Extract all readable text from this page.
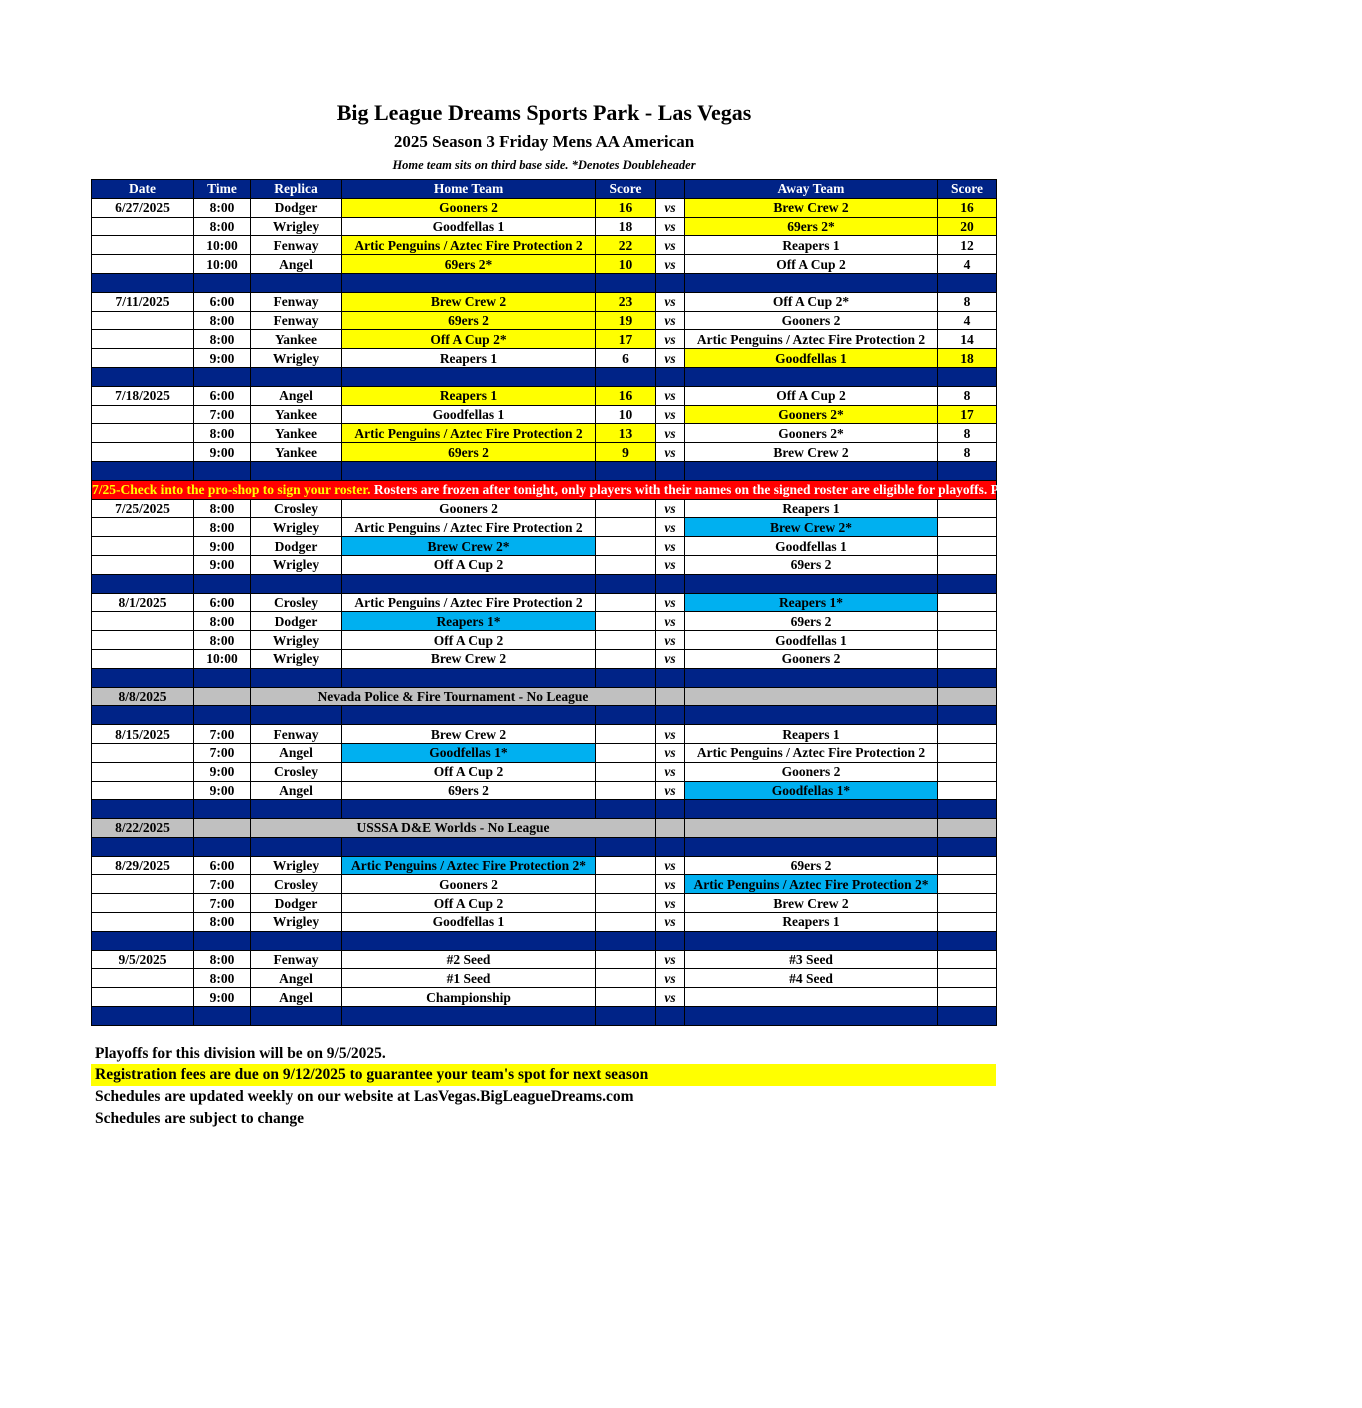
Big League Dreams Sports Park - Las Vegas
2025 Season 3 Friday Mens AA American
Home team sits on third base side. *Denotes Doubleheader
Date	Time	Replica	Home Team	Score		Away Team	Score
6/27/2025	8:00	Dodger	Gooners 2	16	vs	Brew Crew 2	16
	8:00	Wrigley	Goodfellas 1	18	vs	69ers 2*	20
	10:00	Fenway	Artic Penguins / Aztec Fire Protection 2	22	vs	Reapers 1	12
	10:00	Angel	69ers 2*	10	vs	Off A Cup 2	4

7/11/2025	6:00	Fenway	Brew Crew 2	23	vs	Off A Cup 2*	8
	8:00	Fenway	69ers 2	19	vs	Gooners 2	4
	8:00	Yankee	Off A Cup 2*	17	vs	Artic Penguins / Aztec Fire Protection 2	14
	9:00	Wrigley	Reapers 1	6	vs	Goodfellas 1	18

7/18/2025	6:00	Angel	Reapers 1	16	vs	Off A Cup 2	8
	7:00	Yankee	Goodfellas 1	10	vs	Gooners 2*	17
	8:00	Yankee	Artic Penguins / Aztec Fire Protection 2	13	vs	Gooners 2*	8
	9:00	Yankee	69ers 2	9	vs	Brew Crew 2	8

7/25-Check into the pro-shop to sign your roster. Rosters are frozen after tonight, only players with their names on the signed roster are eligible for playoffs. Please check carefully as changes will not be made for omissions.							
7/25/2025	8:00	Crosley	Gooners 2		vs	Reapers 1	
	8:00	Wrigley	Artic Penguins / Aztec Fire Protection 2		vs	Brew Crew 2*	
	9:00	Dodger	Brew Crew 2*		vs	Goodfellas 1	
	9:00	Wrigley	Off A Cup 2		vs	69ers 2	

8/1/2025	6:00	Crosley	Artic Penguins / Aztec Fire Protection 2		vs	Reapers 1*	
	8:00	Dodger	Reapers 1*		vs	69ers 2	
	8:00	Wrigley	Off A Cup 2		vs	Goodfellas 1	
	10:00	Wrigley	Brew Crew 2		vs	Gooners 2	

8/8/2025		Nevada Police & Fire Tournament - No League					

8/15/2025	7:00	Fenway	Brew Crew 2		vs	Reapers 1	
	7:00	Angel	Goodfellas 1*		vs	Artic Penguins / Aztec Fire Protection 2	
	9:00	Crosley	Off A Cup 2		vs	Gooners 2	
	9:00	Angel	69ers 2		vs	Goodfellas 1*	

8/22/2025		USSSA D&E Worlds - No League					

8/29/2025	6:00	Wrigley	Artic Penguins / Aztec Fire Protection 2*		vs	69ers 2	
	7:00	Crosley	Gooners 2		vs	Artic Penguins / Aztec Fire Protection 2*	
	7:00	Dodger	Off A Cup 2		vs	Brew Crew 2	
	8:00	Wrigley	Goodfellas 1		vs	Reapers 1	

9/5/2025	8:00	Fenway	#2 Seed		vs	#3 Seed	
	8:00	Angel	#1 Seed		vs	#4 Seed	
	9:00	Angel	Championship		vs		

Playoffs for this division will be on 9/5/2025.
Registration fees are due on 9/12/2025 to guarantee your team's spot for next season
Schedules are updated weekly on our website at LasVegas.BigLeagueDreams.com
Schedules are subject to change
